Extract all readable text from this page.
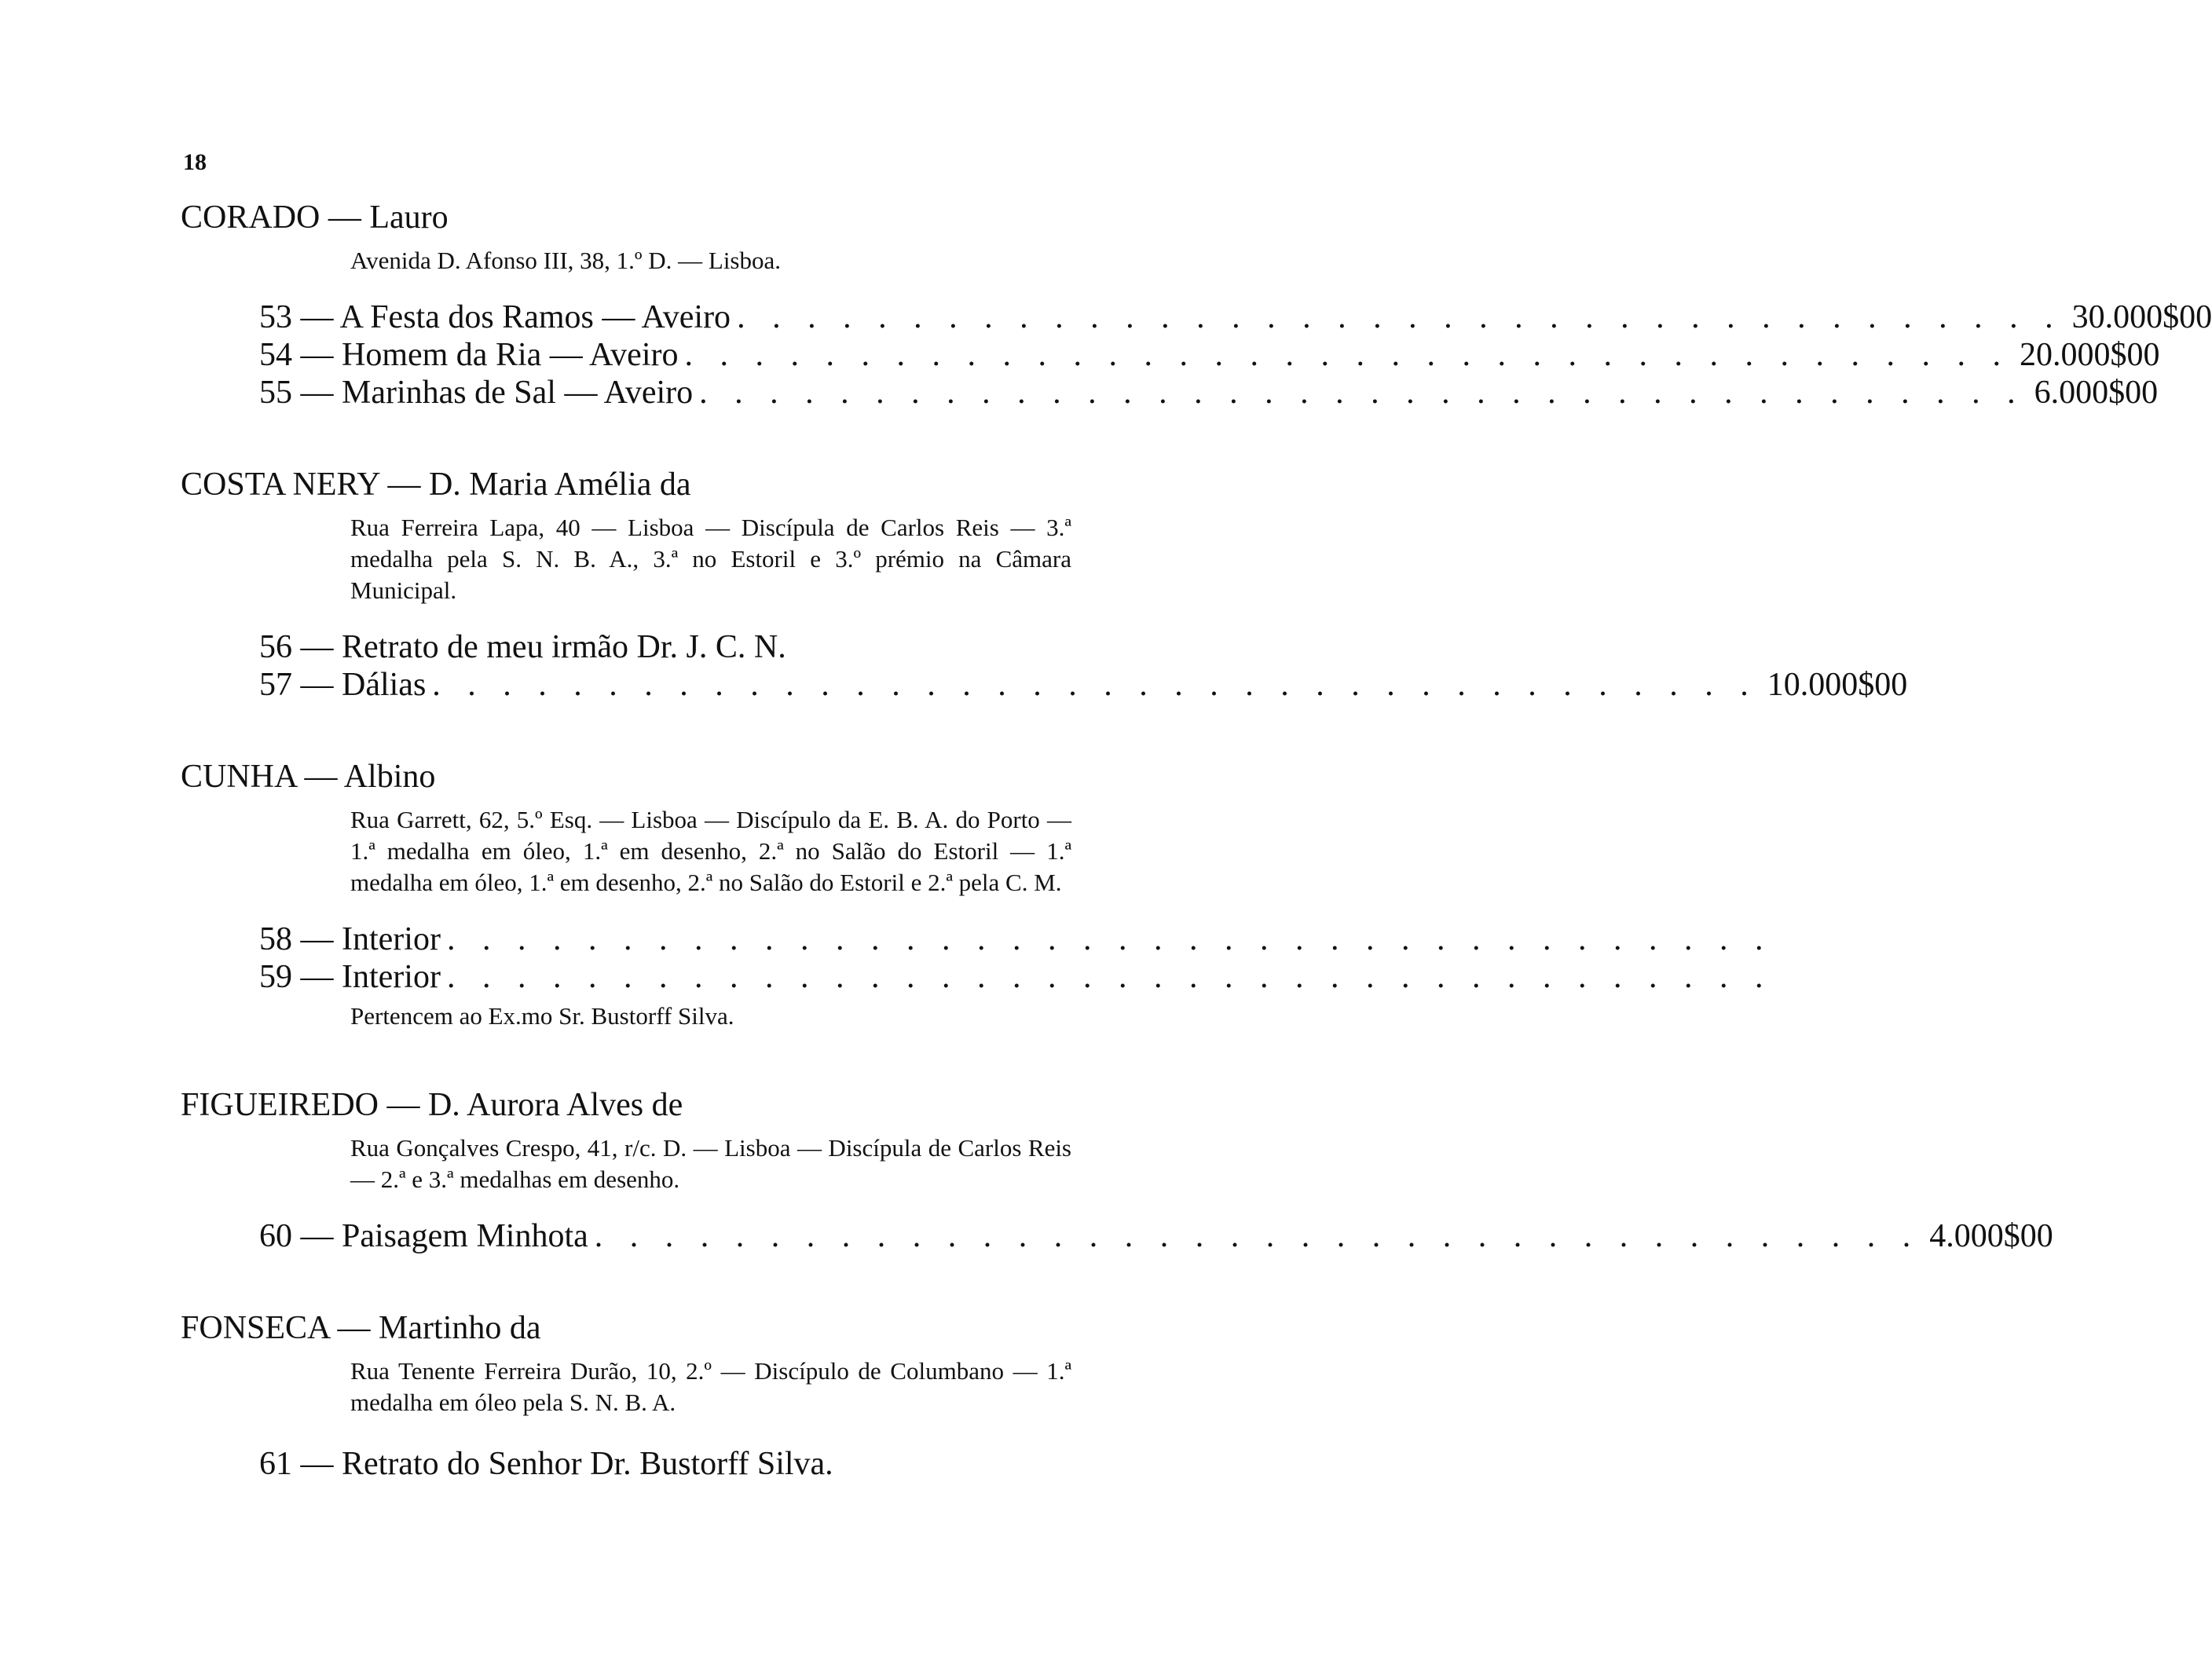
18
CORADO — Lauro

Avenida D. Afonso III, 38, 1.º D. — Lisboa.

53 — A Festa dos Ramos — Aveiro . . . . . . . . . . . . . . . . . . . . . . . . . . . . . . . . . . . . . . 30.000$00
54 — Homem da Ria — Aveiro . . . . . . . . . . . . . . . . . . . . . . . . . . . . . . . . . . . . . . 20.000$00
55 — Marinhas de Sal — Aveiro . . . . . . . . . . . . . . . . . . . . . . . . . . . . . . . . . . . . . . 6.000$00
COSTA NERY — D. Maria Amélia da

Rua Ferreira Lapa, 40 — Lisboa — Discípula de Carlos Reis — 3.ª medalha pela S. N. B. A., 3.ª no Estoril e 3.º prémio na Câmara Municipal.

56 — Retrato de meu irmão Dr. J. C. N.
57 — Dálias . . . . . . . . . . . . . . . . . . . . . . . . . . . . . . . . . . . . . . 10.000$00
CUNHA — Albino

Rua Garrett, 62, 5.º Esq. — Lisboa — Discípulo da E. B. A. do Porto — 1.ª medalha em óleo, 1.ª em desenho, 2.ª no Salão do Estoril — 1.ª medalha em óleo, 1.ª em desenho, 2.ª no Salão do Estoril e 2.ª pela C. M.

58 — Interior . . . . . . . . . . . . . . . . . . . . . . . . . . . . . . . . . . . . . .
59 — Interior . . . . . . . . . . . . . . . . . . . . . . . . . . . . . . . . . . . . . .

Pertencem ao Ex.mo Sr. Bustorff Silva.

FIGUEIREDO — D. Aurora Alves de

Rua Gonçalves Crespo, 41, r/c. D. — Lisboa — Discípula de Carlos Reis — 2.ª e 3.ª medalhas em desenho.

60 — Paisagem Minhota . . . . . . . . . . . . . . . . . . . . . . . . . . . . . . . . . . . . . . 4.000$00
FONSECA — Martinho da

Rua Tenente Ferreira Durão, 10, 2.º — Discípulo de Columbano — 1.ª medalha em óleo pela S. N. B. A.

61 — Retrato do Senhor Dr. Bustorff Silva.
